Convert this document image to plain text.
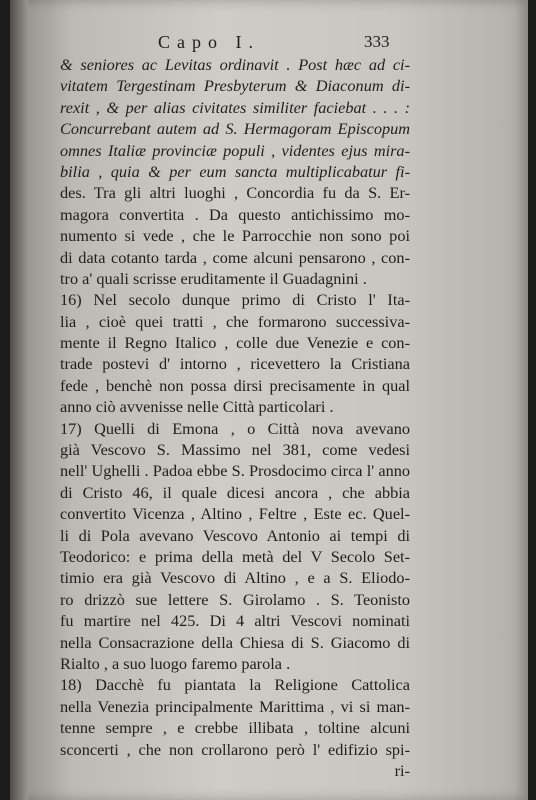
Capo I.	333
& seniores ac Levitas ordinavit . Post hæc ad ci-
vitatem Tergestinam Presbyterum & Diaconum di-
rexit , & per alias civitates similiter faciebat . . . :
Concurrebant autem ad S. Hermagoram Episcopum
omnes Italiæ provinciæ populi , videntes ejus mira-
bilia , quia & per eum sancta multiplicabatur fi-
des. Tra gli altri luoghi , Concordia fu da S. Er-
magora convertita . Da questo antichissimo mo-
numento si vede , che le Parrocchie non sono poi
di data cotanto tarda , come alcuni pensarono , con-
tro a' quali scrisse eruditamente il Guadagnini .
16) Nel secolo dunque primo di Cristo l' Ita-
lia , cioè quei tratti , che formarono successiva-
mente il Regno Italico , colle due Venezie e con-
trade postevi d' intorno , ricevettero la Cristiana
fede , benchè non possa dirsi precisamente in qual
anno ciò avvenisse nelle Città particolari .
17) Quelli di Emona , o Città nova avevano
già Vescovo S. Massimo nel 381, come vedesi
nell' Ughelli . Padoa ebbe S. Prosdocimo circa l' anno
di Cristo 46, il quale dicesi ancora , che abbia
convertito Vicenza , Altino , Feltre , Este ec. Quel-
li di Pola avevano Vescovo Antonio ai tempi di
Teodorico: e prima della metà del V Secolo Set-
timio era già Vescovo di Altino , e a S. Eliodo-
ro drizzò sue lettere S. Girolamo . S. Teonisto
fu martire nel 425. Di 4 altri Vescovi nominati
nella Consacrazione della Chiesa di S. Giacomo di
Rialto , a suo luogo faremo parola .
18) Dacchè fu piantata la Religione Cattolica
nella Venezia principalmente Marittima , vi si man-
tenne sempre , e crebbe illibata , toltine alcuni
sconcerti , che non crollarono però l' edifizio spi-
ri-
